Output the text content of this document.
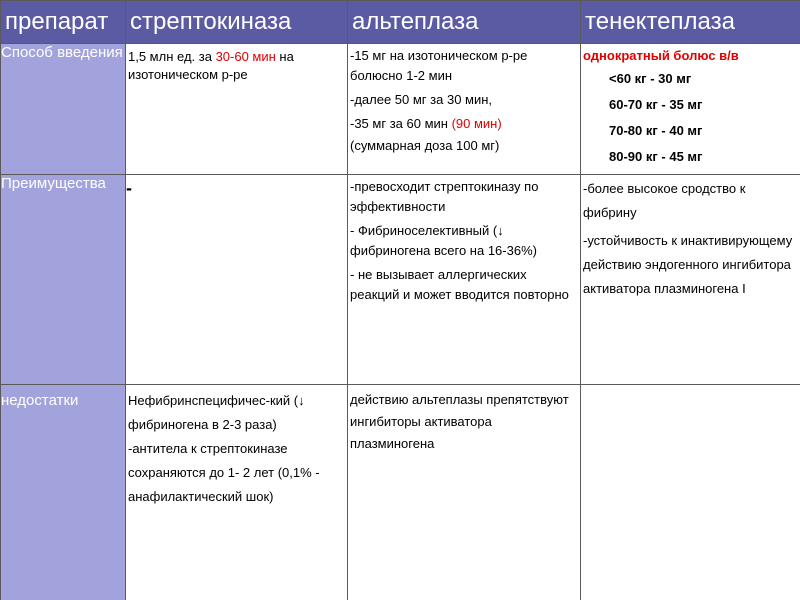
препарат	стрептокиназа	альтеплаза	тенектеплаза
Способ введения	1,5 млн ед. за 30-60 мин на изотоническом р-ре	-15 мг на изотоническом р-ре болюсно 1-2 мин
-далее 50 мг за 30 мин,
-35 мг за 60 мин (90 мин)
(суммарная доза 100 мг)	однократный болюс в/в
<60 кг - 30 мг
60-70 кг - 35 мг
70-80 кг - 40 мг
80-90 кг - 45 мг

Преимущества	-	-превосходит стрептокиназу по эффективности
- Фибриноселективный (↓ фибриногена всего на 16-36%)
- не вызывает аллергических реакций и может вводится повторно	-более высокое сродство к фибрину
-устойчивость к инактивирующему действию эндогенного ингибитора активатора плазминогена I

недостатки	Нефибринспецифичес-кий (↓ фибриногена в 2-3 раза)
-антитела к стрептокиназе сохраняются до 1- 2 лет (0,1% - анафилактический шок)	действию альтеплазы препятствуют ингибиторы активатора плазминогена	
